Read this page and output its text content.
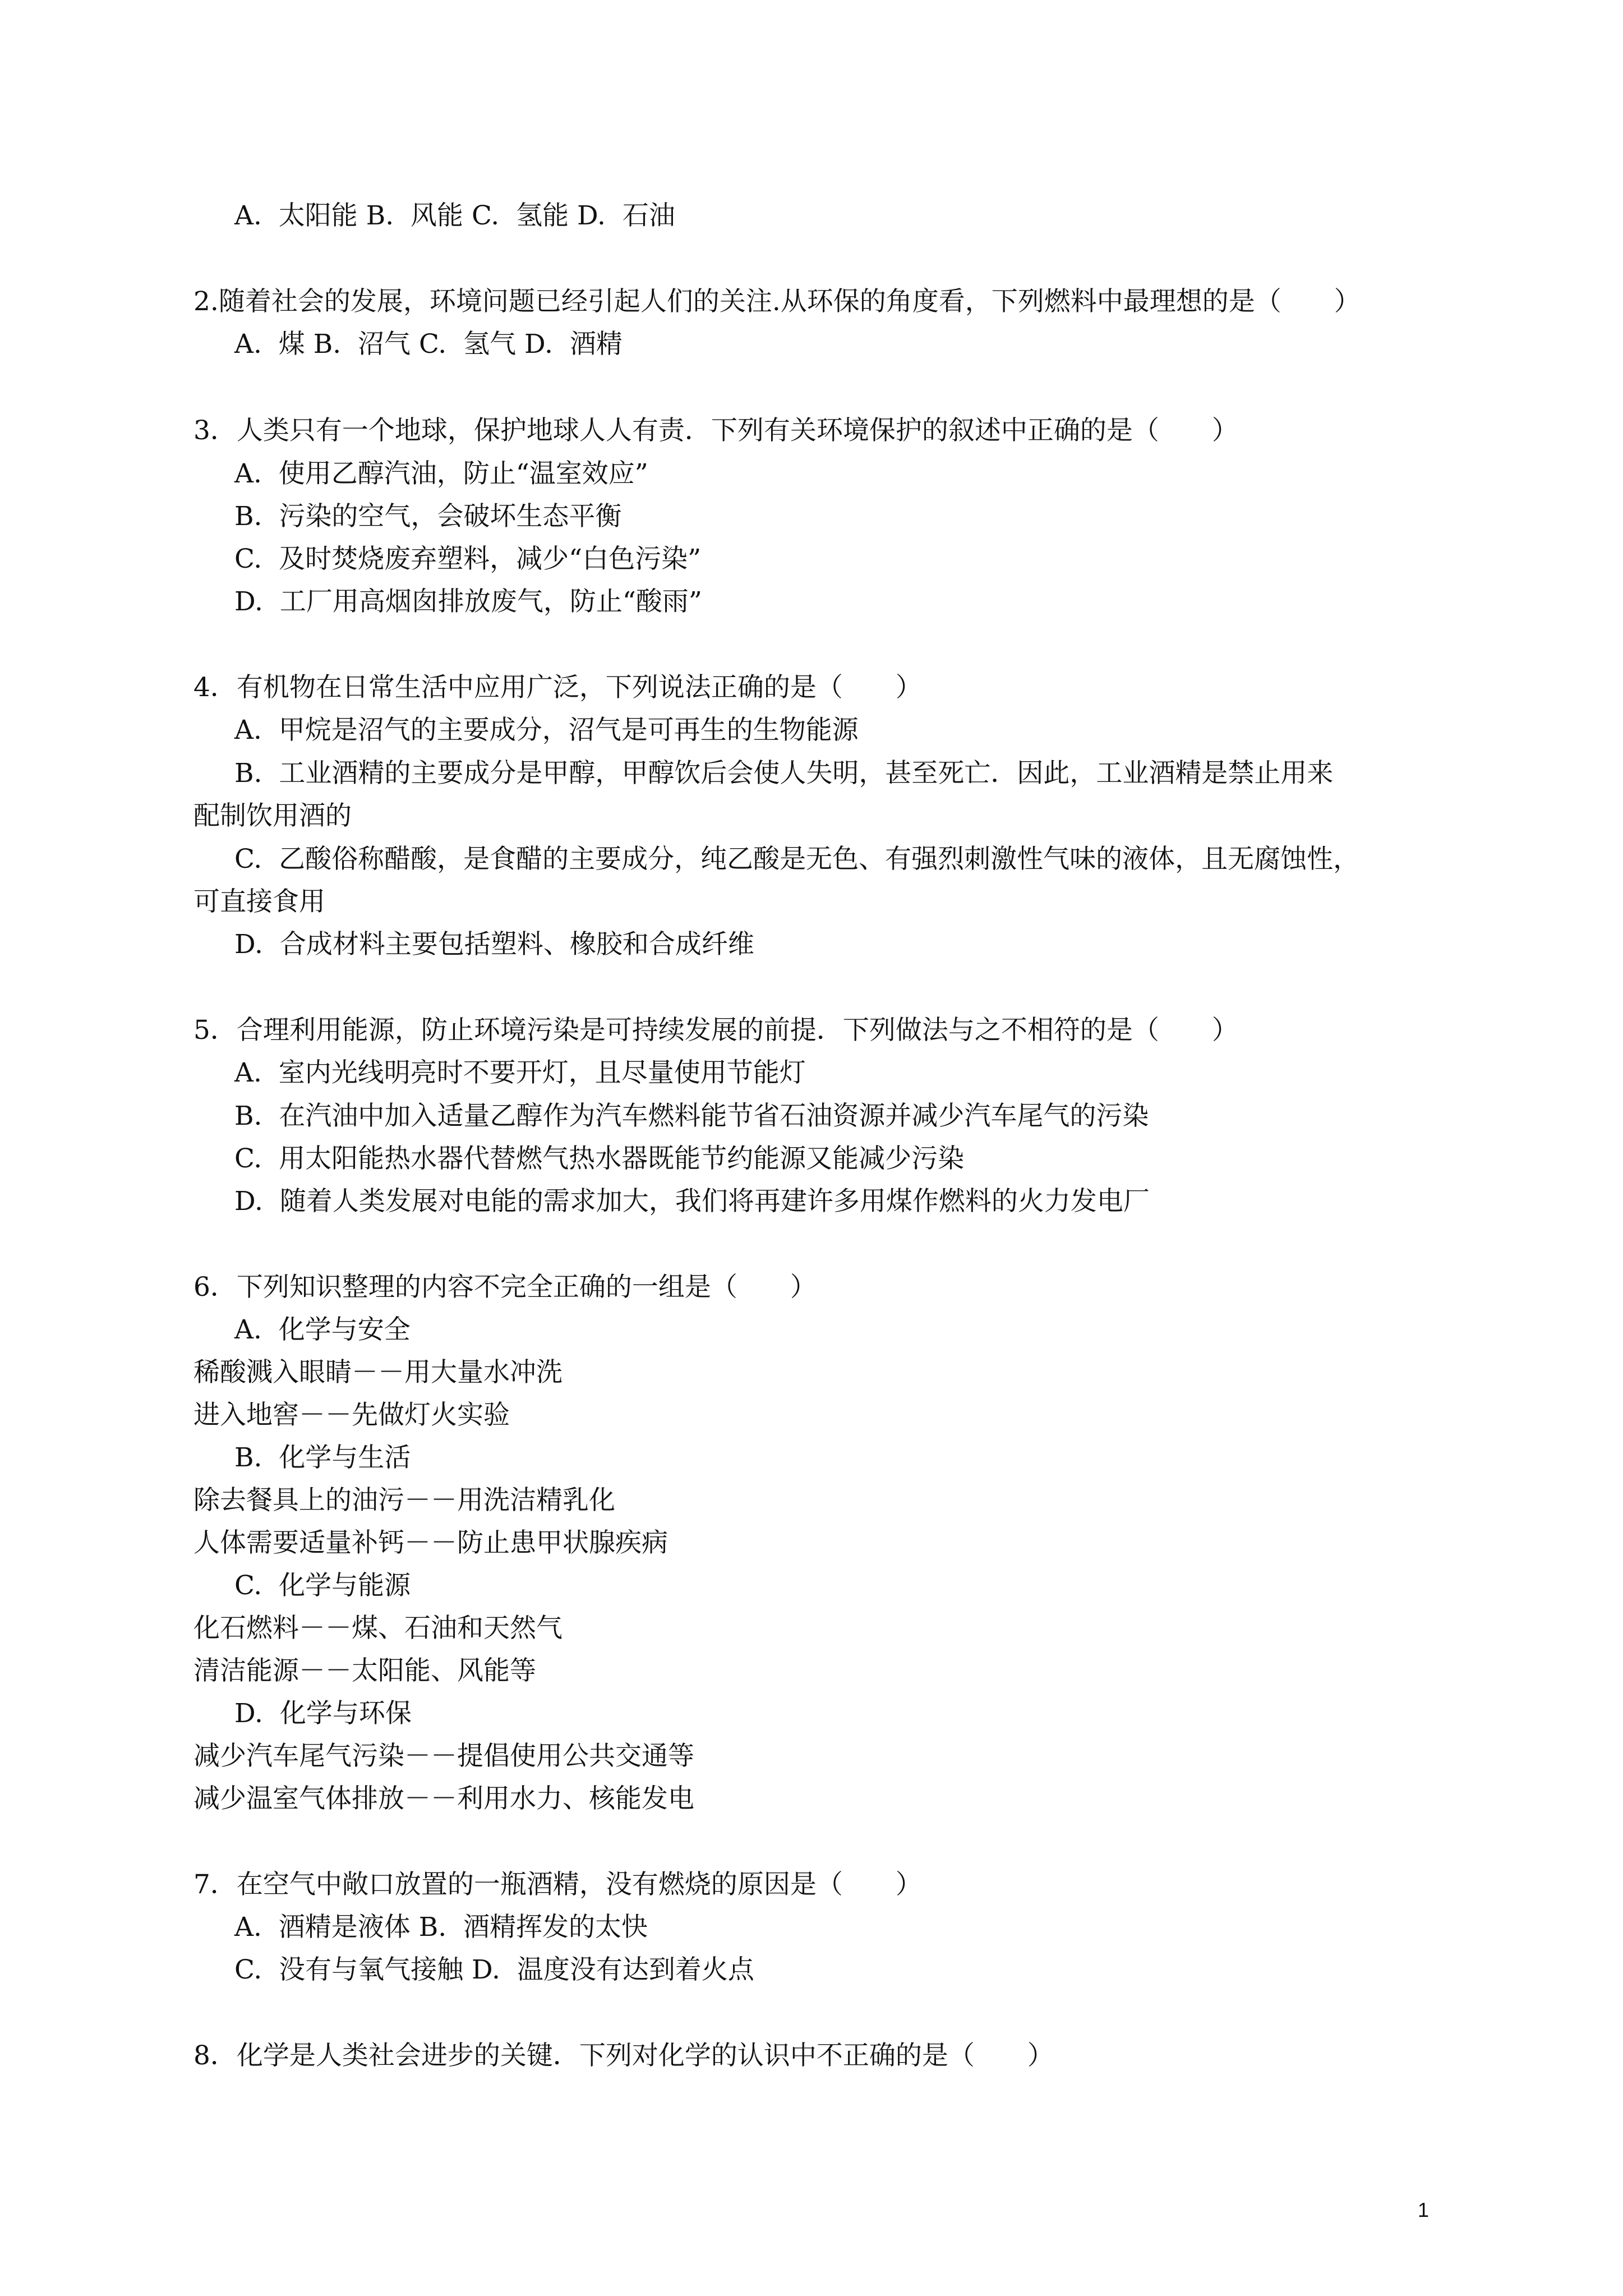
A.  太阳能 B.  风能 C.  氢能 D.  石油
2.随着社会的发展，环境问题已经引起人们的关注.从环保的角度看，下列燃料中最理想的是（　　）
A.  煤 B.  沼气 C.  氢气 D.  酒精
3．人类只有一个地球，保护地球人人有责．下列有关环境保护的叙述中正确的是（　　）
A.  使用乙醇汽油，防止“温室效应”
B.  污染的空气，会破坏生态平衡
C.  及时焚烧废弃塑料，减少“白色污染”
D.  工厂用高烟囱排放废气，防止“酸雨”
4．有机物在日常生活中应用广泛，下列说法正确的是（　　）
A.  甲烷是沼气的主要成分，沼气是可再生的生物能源
B.  工业酒精的主要成分是甲醇，甲醇饮后会使人失明，甚至死亡．因此，工业酒精是禁止用来
配制饮用酒的
C.  乙酸俗称醋酸，是食醋的主要成分，纯乙酸是无色、有强烈刺激性气味的液体，且无腐蚀性，
可直接食用
D.  合成材料主要包括塑料、橡胶和合成纤维
5．合理利用能源，防止环境污染是可持续发展的前提．下列做法与之不相符的是（　　）
A.  室内光线明亮时不要开灯，且尽量使用节能灯
B.  在汽油中加入适量乙醇作为汽车燃料能节省石油资源并减少汽车尾气的污染
C.  用太阳能热水器代替燃气热水器既能节约能源又能减少污染
D.  随着人类发展对电能的需求加大，我们将再建许多用煤作燃料的火力发电厂
6．下列知识整理的内容不完全正确的一组是（　　）
A.  化学与安全
稀酸溅入眼睛－－用大量水冲洗
进入地窖－－先做灯火实验
B.  化学与生活
除去餐具上的油污－－用洗洁精乳化
人体需要适量补钙－－防止患甲状腺疾病
C.  化学与能源
化石燃料－－煤、石油和天然气
清洁能源－－太阳能、风能等
D.  化学与环保
减少汽车尾气污染－－提倡使用公共交通等
减少温室气体排放－－利用水力、核能发电
7．在空气中敞口放置的一瓶酒精，没有燃烧的原因是（　　）
A.  酒精是液体 B.  酒精挥发的太快
C.  没有与氧气接触 D.  温度没有达到着火点
8．化学是人类社会进步的关键．下列对化学的认识中不正确的是（　　）
1
